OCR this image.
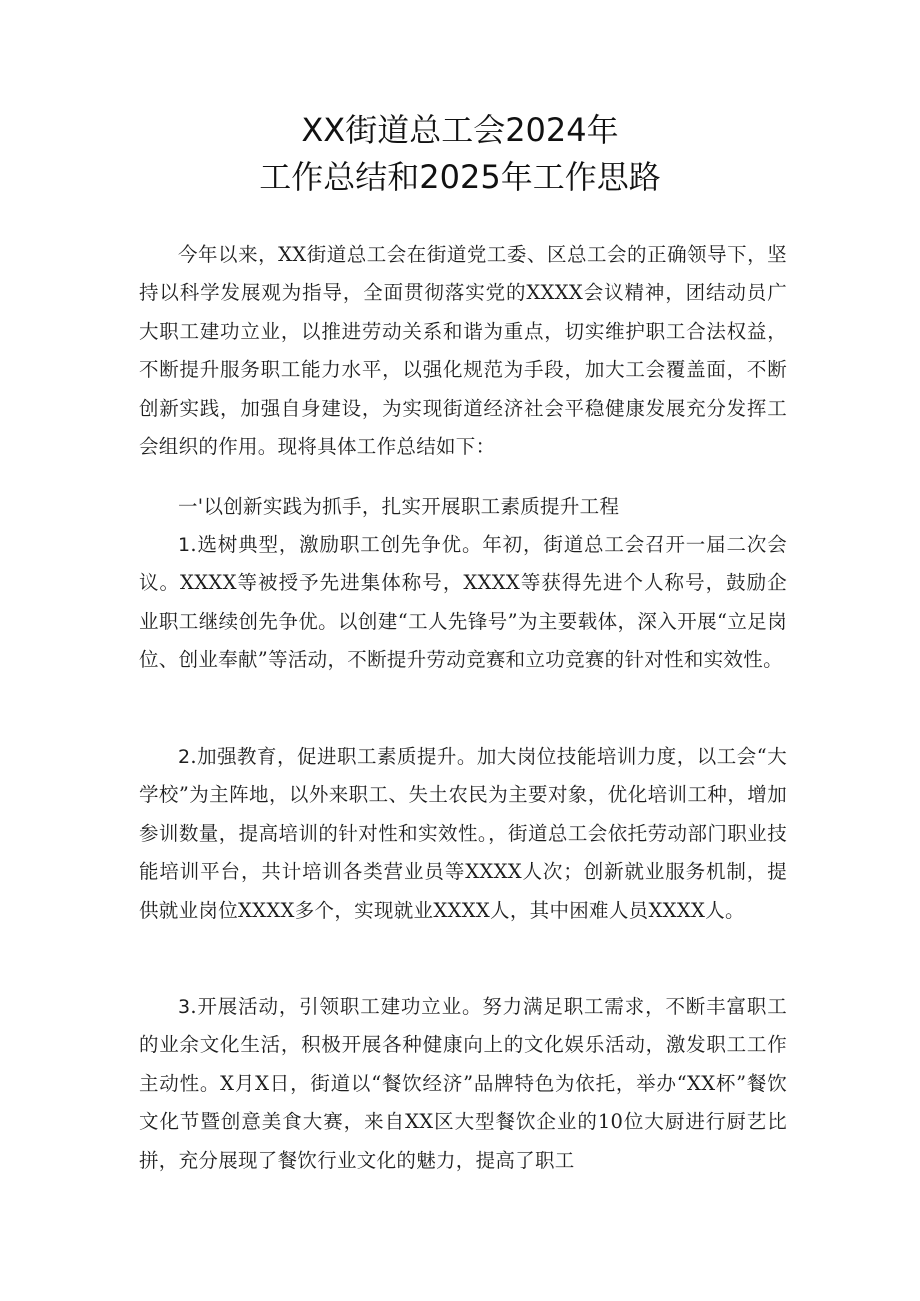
XX街道总工会2024年
工作总结和2025年工作思路

今年以来，XX街道总工会在街道党工委、区总工会的正确领导下，坚持以科学发展观为指导，全面贯彻落实党的XXXX会议精神，团结动员广大职工建功立业，以推进劳动关系和谐为重点，切实维护职工合法权益，不断提升服务职工能力水平，以强化规范为手段，加大工会覆盖面，不断创新实践，加强自身建设，为实现街道经济社会平稳健康发展充分发挥工会组织的作用。现将具体工作总结如下：

一'以创新实践为抓手，扎实开展职工素质提升工程

1.选树典型，激励职工创先争优。年初，街道总工会召开一届二次会议。XXXX等被授予先进集体称号，XXXX等获得先进个人称号，鼓励企业职工继续创先争优。以创建“工人先锋号”为主要载体，深入开展“立足岗位、创业奉献”等活动，不断提升劳动竞赛和立功竞赛的针对性和实效性。

2.加强教育，促进职工素质提升。加大岗位技能培训力度，以工会“大学校”为主阵地，以外来职工、失土农民为主要对象，优化培训工种，增加参训数量，提高培训的针对性和实效性。，街道总工会依托劳动部门职业技能培训平台，共计培训各类营业员等XXXX人次；创新就业服务机制，提供就业岗位XXXX多个，实现就业XXXX人，其中困难人员XXXX人。

3.开展活动，引领职工建功立业。努力满足职工需求，不断丰富职工的业余文化生活，积极开展各种健康向上的文化娱乐活动，激发职工工作主动性。X月X日，街道以“餐饮经济”品牌特色为依托，举办“XX杯”餐饮文化节暨创意美食大赛，来自XX区大型餐饮企业的10位大厨进行厨艺比拼，充分展现了餐饮行业文化的魅力，提高了职工
